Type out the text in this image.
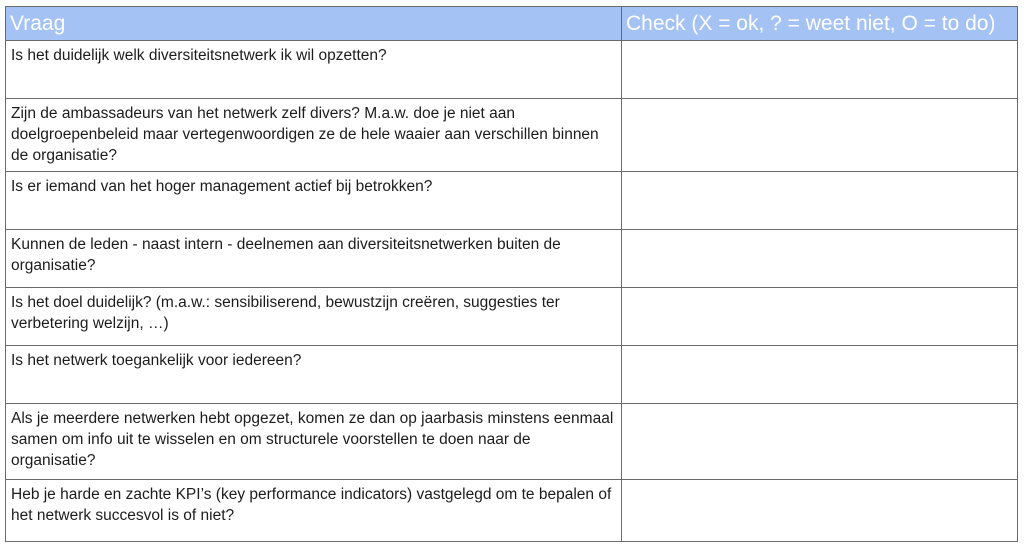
Vraag	Check (X = ok, ? = weet niet, O = to do)
Is het duidelijk welk diversiteitsnetwerk ik wil opzetten?	
Zijn de ambassadeurs van het netwerk zelf divers? M.a.w. doe je niet aan doelgroepenbeleid maar vertegenwoordigen ze de hele waaier aan verschillen binnen de organisatie?	
Is er iemand van het hoger management actief bij betrokken?	
Kunnen de leden - naast intern - deelnemen aan diversiteitsnetwerken buiten de organisatie?	
Is het doel duidelijk? (m.a.w.: sensibiliserend, bewustzijn creëren, suggesties ter verbetering welzijn, …)	
Is het netwerk toegankelijk voor iedereen?	
Als je meerdere netwerken hebt opgezet, komen ze dan op jaarbasis minstens eenmaal samen om info uit te wisselen en om structurele voorstellen te doen naar de organisatie?	
Heb je harde en zachte KPI’s (key performance indicators) vastgelegd om te bepalen of het netwerk succesvol is of niet?	
